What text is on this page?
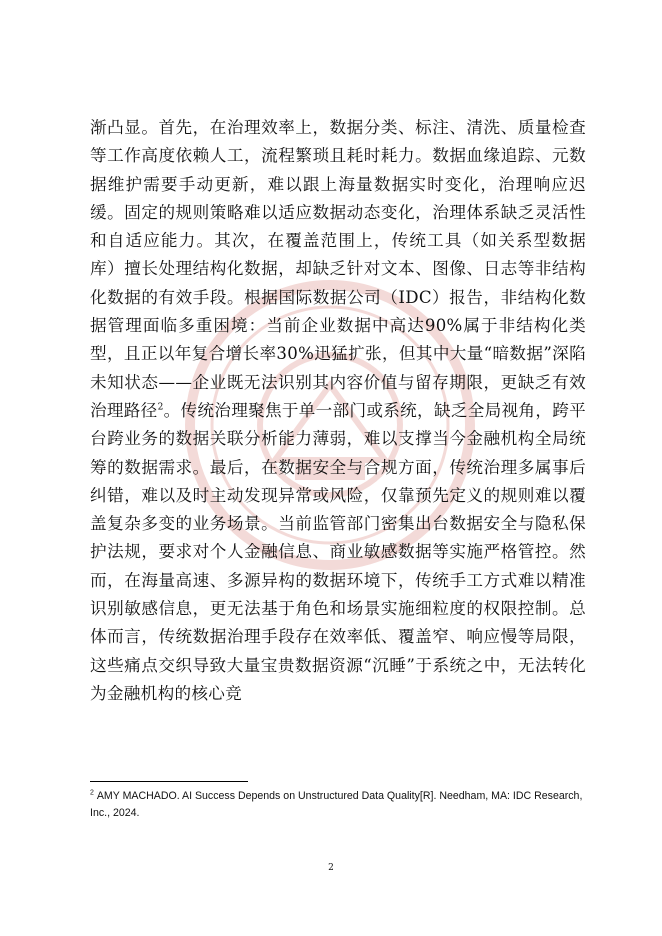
渐凸显。首先，在治理效率上，数据分类、标注、清洗、质量检查等工作高度依赖人工，流程繁琐且耗时耗力。数据血缘追踪、元数据维护需要手动更新，难以跟上海量数据实时变化，治理响应迟缓。固定的规则策略难以适应数据动态变化，治理体系缺乏灵活性和自适应能力。其次，在覆盖范围上，传统工具（如关系型数据库）擅长处理结构化数据，却缺乏针对文本、图像、日志等非结构化数据的有效手段。根据国际数据公司（IDC）报告，非结构化数据管理面临多重困境：当前企业数据中高达90%属于非结构化类型，且正以年复合增长率30%迅猛扩张，但其中大量“暗数据”深陷未知状态——企业既无法识别其内容价值与留存期限，更缺乏有效治理路径$^2$。传统治理聚焦于单一部门或系统，缺乏全局视角，跨平台跨业务的数据关联分析能力薄弱，难以支撑当今金融机构全局统筹的数据需求。最后，在数据安全与合规方面，传统治理多属事后纠错，难以及时主动发现异常或风险，仅靠预先定义的规则难以覆盖复杂多变的业务场景。当前监管部门密集出台数据安全与隐私保护法规，要求对个人金融信息、商业敏感数据等实施严格管控。然而，在海量高速、多源异构的数据环境下，传统手工方式难以精准识别敏感信息，更无法基于角色和场景实施细粒度的权限控制。总体而言，传统数据治理手段存在效率低、覆盖窄、响应慢等局限，这些痛点交织导致大量宝贵数据资源“沉睡”于系统之中，无法转化为金融机构的核心竞

$^2$ AMY MACHADO. AI Success Depends on Unstructured Data Quality[R]. Needham, MA: IDC Research, Inc., 2024.

2
